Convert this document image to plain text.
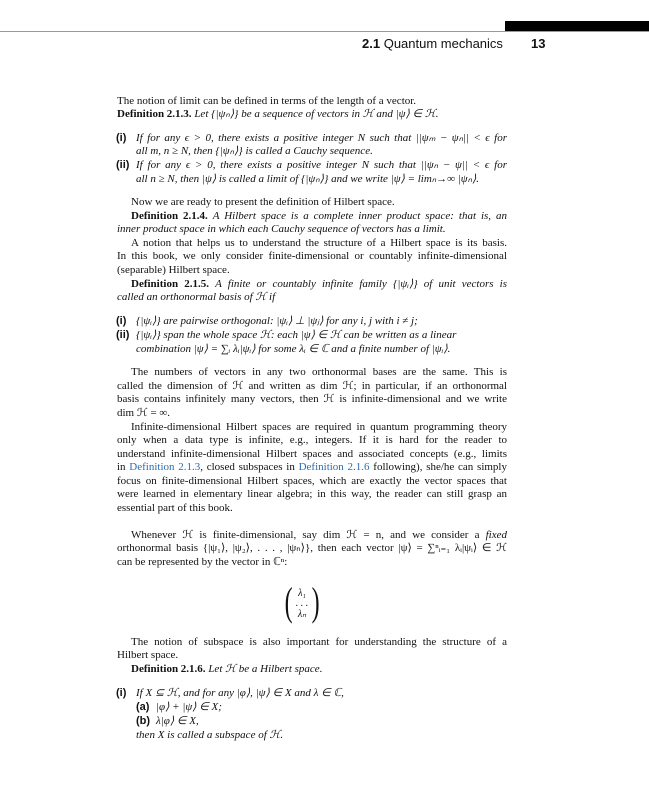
2.1 Quantum mechanics 13
The notion of limit can be defined in terms of the length of a vector.
Definition 2.1.3. Let {|ψₙ⟩} be a sequence of vectors in ℋ and |ψ⟩ ∈ ℋ.
(i) If for any ϵ > 0, there exists a positive integer N such that ||ψₘ − ψₙ|| < ϵ for
all m, n ≥ N, then {|ψₙ⟩} is called a Cauchy sequence.
(ii) If for any ϵ > 0, there exists a positive integer N such that ||ψₙ − ψ|| < ϵ for
all n ≥ N, then |ψ⟩ is called a limit of {|ψₙ⟩} and we write |ψ⟩ = limₙ→∞ |ψₙ⟩.
Now we are ready to present the definition of Hilbert space.
Definition 2.1.4. A Hilbert space is a complete inner product space: that is, an
inner product space in which each Cauchy sequence of vectors has a limit.
A notion that helps us to understand the structure of a Hilbert space is its basis.
In this book, we only consider finite-dimensional or countably infinite-dimensional
(separable) Hilbert space.
Definition 2.1.5. A finite or countably infinite family {|ψᵢ⟩} of unit vectors is
called an orthonormal basis of ℋ if
(i) {|ψᵢ⟩} are pairwise orthogonal: |ψᵢ⟩ ⊥ |ψⱼ⟩ for any i, j with i ≠ j;
(ii) {|ψᵢ⟩} span the whole space ℋ: each |ψ⟩ ∈ ℋ can be written as a linear
combination |ψ⟩ = ∑ᵢ λᵢ|ψᵢ⟩ for some λᵢ ∈ ℂ and a finite number of |ψᵢ⟩.
The numbers of vectors in any two orthonormal bases are the same. This is
called the dimension of ℋ and written as dim ℋ; in particular, if an orthonormal
basis contains infinitely many vectors, then ℋ is infinite-dimensional and we write
dim ℋ = ∞.
Infinite-dimensional Hilbert spaces are required in quantum programming theory
only when a data type is infinite, e.g., integers. If it is hard for the reader to
understand infinite-dimensional Hilbert spaces and associated concepts (e.g., limits
in Definition 2.1.3, closed subspaces in Definition 2.1.6 following), she/he can simply
focus on finite-dimensional Hilbert spaces, which are exactly the vector spaces that
were learned in elementary linear algebra; in this way, the reader can still grasp an
essential part of this book.
Whenever ℋ is finite-dimensional, say dim ℋ = n, and we consider a fixed
orthonormal basis {|ψ₁⟩, |ψ₂⟩, . . . , |ψₙ⟩}, then each vector |ψ⟩ = ∑ⁿᵢ₌₁ λᵢ|ψᵢ⟩ ∈ ℋ
can be represented by the vector in ℂⁿ:
( )
λ₁
. . .
λₙ
The notion of subspace is also important for understanding the structure of a
Hilbert space.
Definition 2.1.6. Let ℋ be a Hilbert space.
(i) If X ⊆ ℋ, and for any |φ⟩, |ψ⟩ ∈ X and λ ∈ ℂ,
(a) |φ⟩ + |ψ⟩ ∈ X;
(b) λ|φ⟩ ∈ X,
then X is called a subspace of ℋ.
